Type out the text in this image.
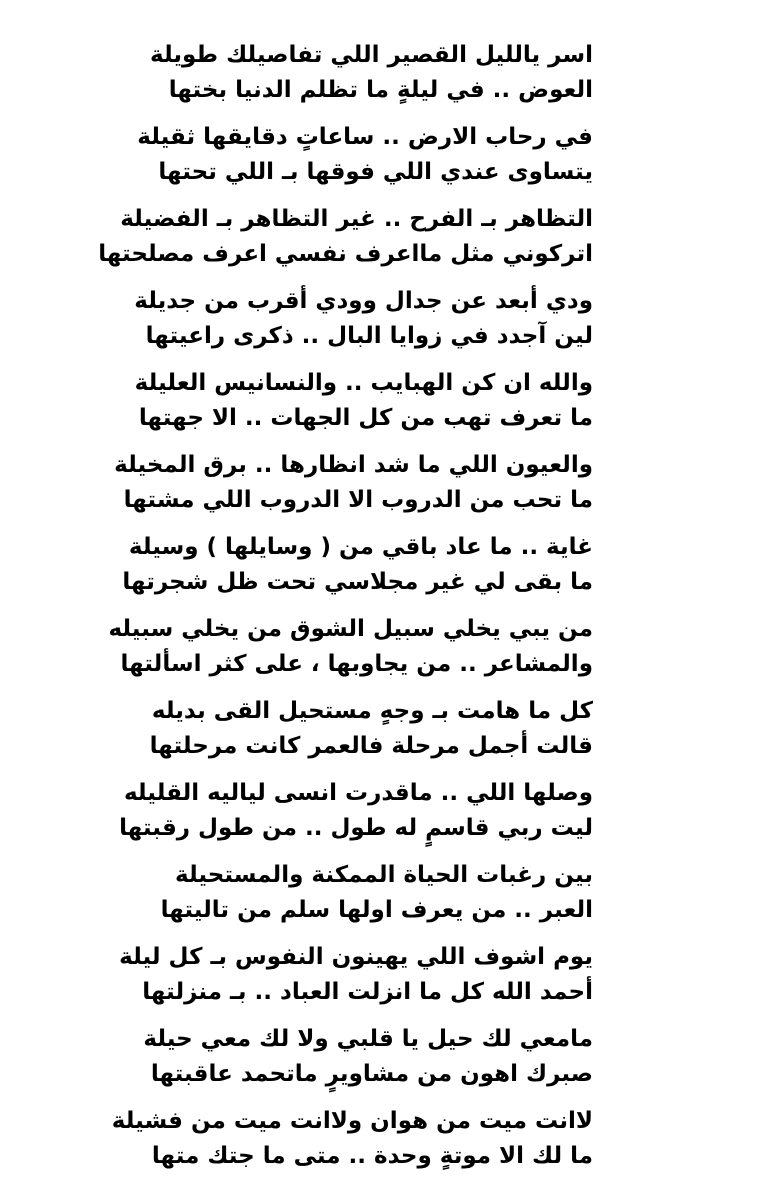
اسر يالليل القصير اللي تفاصيلك طويلة
العوض .. في ليلةٍ ما تظلم الدنيا بختها
في رحاب الارض .. ساعاتٍ دقايقها ثقيلة
يتساوى عندي اللي فوقها بـ اللي تحتها
التظاهر بـ الفرح .. غير التظاهر بـ الفضيلة
اتركوني مثل مااعرف نفسي اعرف مصلحتها
ودي أبعد عن جدال وودي أقرب من جديلة
لين آجدد في زوايا البال .. ذكرى راعيتها
والله ان كن الهبايب .. والنسانيس العليلة
ما تعرف تهب من كل الجهات .. الا جهتها
والعيون اللي ما شد انظارها .. برق المخيلة
ما تحب من الدروب الا الدروب اللي مشتها
غاية .. ما عاد باقي من ( وسايلها ) وسيلة
ما بقى لي غير مجلاسي تحت ظل شجرتها
من يبي يخلي سبيل الشوق من يخلي سبيله
والمشاعر .. من يجاوبها ، على كثر اسألتها
كل ما هامت بـ وجهٍ مستحيل القى بديله
قالت أجمل مرحلة فالعمر كانت مرحلتها
وصلها اللي .. ماقدرت انسى لياليه القليله
ليت ربي قاسمٍ له طول .. من طول رقبتها
بين رغبات الحياة الممكنة والمستحيلة
العبر .. من يعرف اولها سلم من تاليتها
يوم اشوف اللي يهينون النفوس بـ كل ليلة
أحمد الله كل ما انزلت العباد .. بـ منزلتها
مامعي لك حيل يا قلبي ولا لك معي حيلة
صبرك اهون من مشاويرٍ ماتحمد عاقبتها
لاانت ميت من هوان ولاانت ميت من فشيلة
ما لك الا موتةٍ وحدة .. متى ما جتك متها
